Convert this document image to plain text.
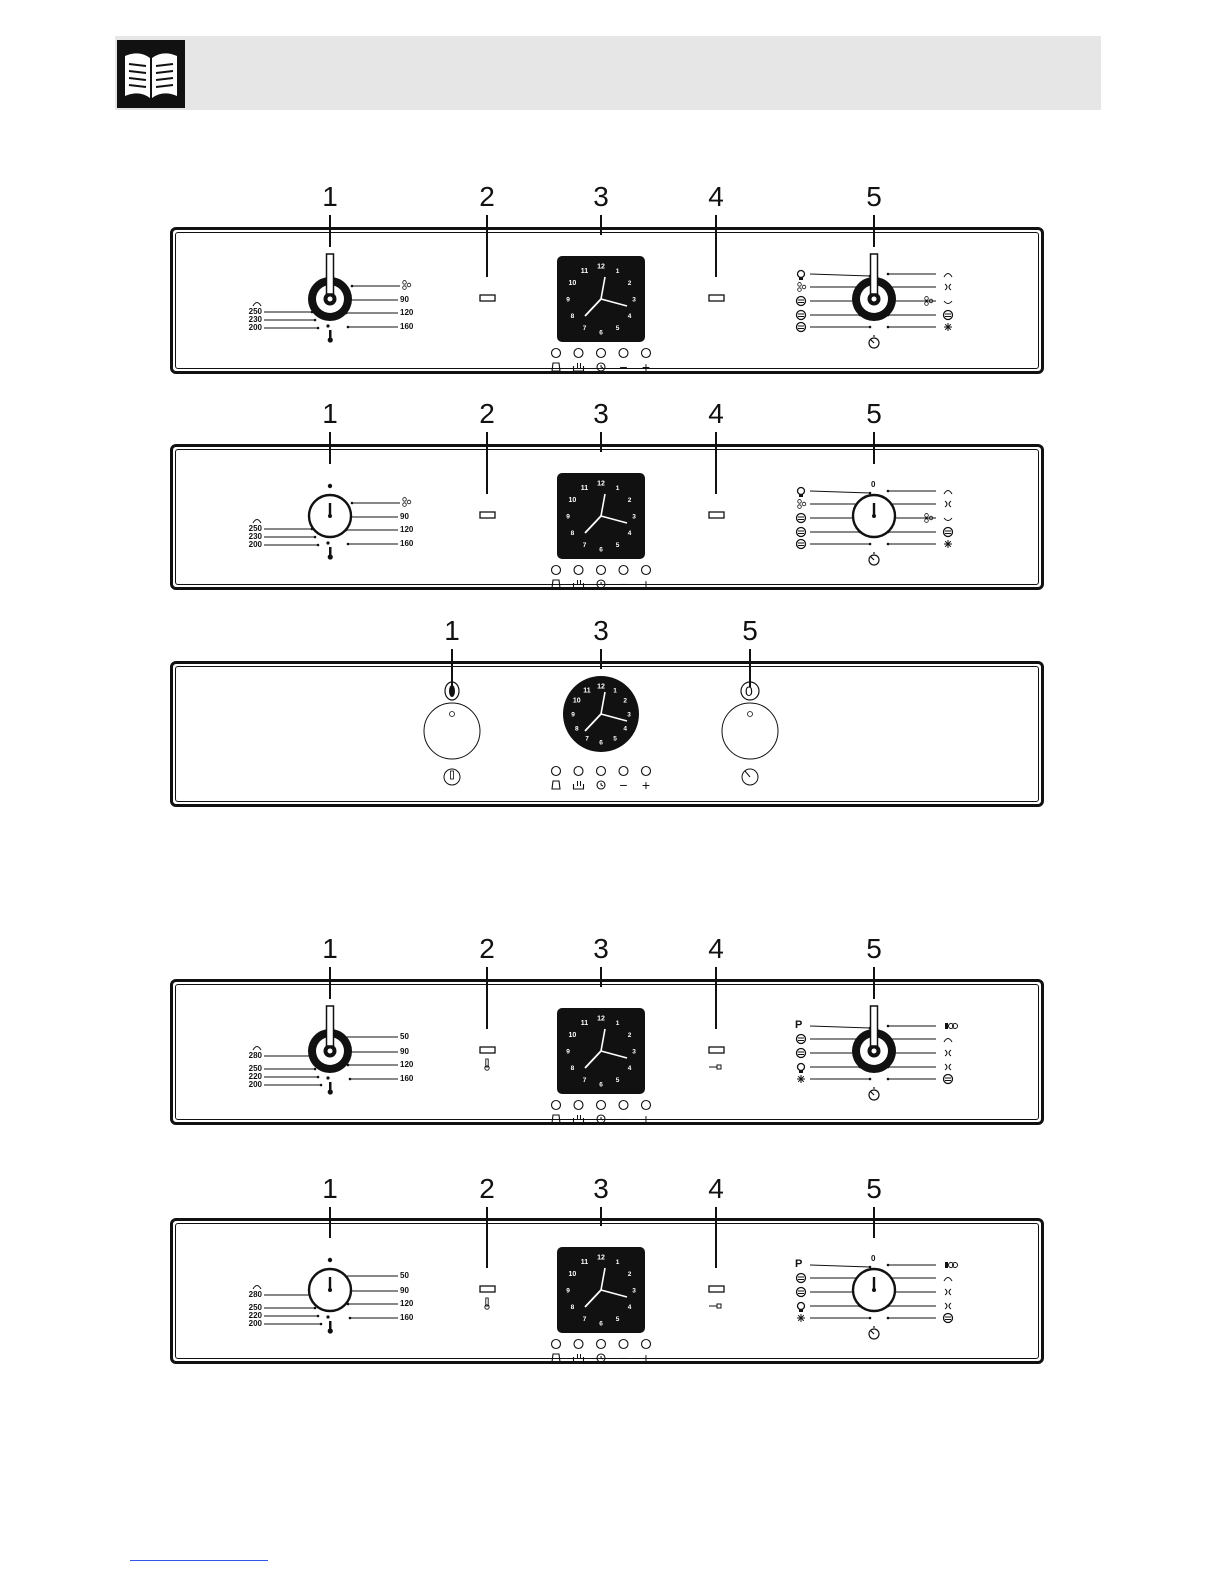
12
1
2
3
4
5
6
7
8
9
10
11
− +
12
1
2
3
4
5
6
7
8
9
10
11
− +
12
1
2
3
4
5
6
7
8
9
10
11
− +
12
1
2
3
4
5
6
7
8
9
10
11
− +
12
1
2
3
4
5
6
7
8
9
10
11
− +
1	2	3	4	5
250
230
200
90
120
160
1	2	3	4	5
250
230
200
90
120
160
0
1	3	5
0
1	2	3	4	5
280
250
220
200
50
90
120
160
P
1	2	3	4	5
280
250
220
200
50
90
120
160
P	0
